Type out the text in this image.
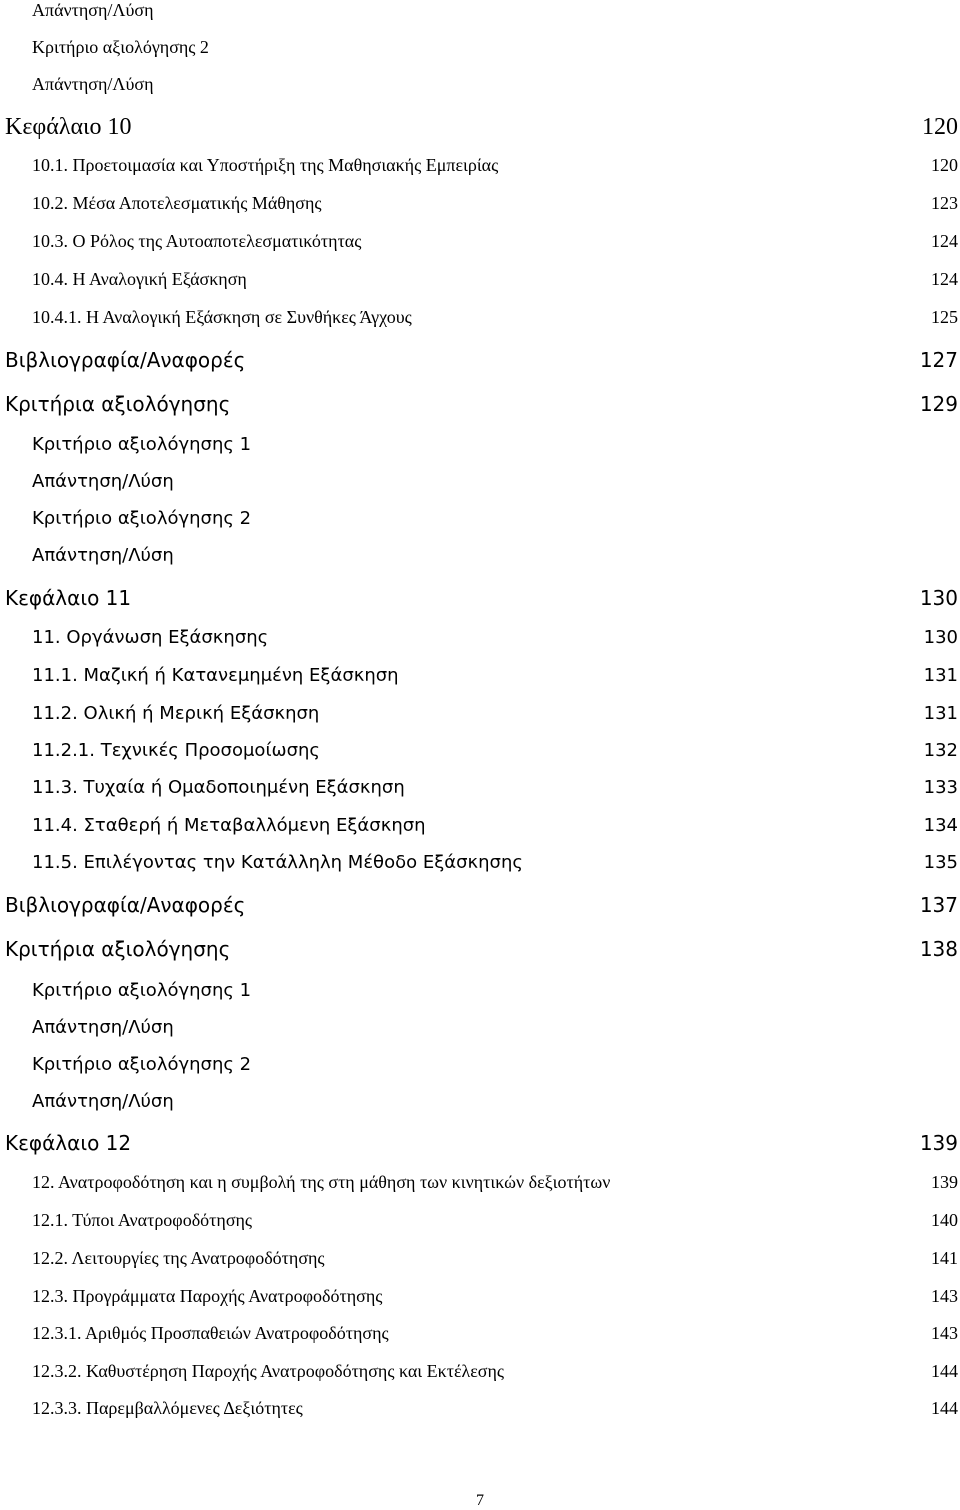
Απάντηση/Λύση
Κριτήριο αξιολόγησης 2
Απάντηση/Λύση
Κεφάλαιο 10	120
10.1. Προετοιμασία και Υποστήριξη της Μαθησιακής Εμπειρίας	120
10.2. Μέσα Αποτελεσματικής Μάθησης	123
10.3. Ο Ρόλος της Αυτοαποτελεσματικότητας	124
10.4. Η Αναλογική Εξάσκηση	124
10.4.1. Η Αναλογική Εξάσκηση σε Συνθήκες Άγχους	125
Βιβλιογραφία/Αναφορές	127
Κριτήρια αξιολόγησης	129
Κριτήριο αξιολόγησης 1
Απάντηση/Λύση
Κριτήριο αξιολόγησης 2
Απάντηση/Λύση
Κεφάλαιο 11	130
11. Οργάνωση Εξάσκησης	130
11.1. Μαζική ή Κατανεμημένη Εξάσκηση	131
11.2. Ολική ή Μερική Εξάσκηση	131
11.2.1. Τεχνικές Προσομοίωσης	132
11.3. Τυχαία ή Ομαδοποιημένη Εξάσκηση	133
11.4. Σταθερή ή Μεταβαλλόμενη Εξάσκηση	134
11.5. Επιλέγοντας την Κατάλληλη Μέθοδο Εξάσκησης	135
Βιβλιογραφία/Αναφορές	137
Κριτήρια αξιολόγησης	138
Κριτήριο αξιολόγησης 1
Απάντηση/Λύση
Κριτήριο αξιολόγησης 2
Απάντηση/Λύση
Κεφάλαιο 12	139
12. Ανατροφοδότηση και η συμβολή της στη μάθηση των κινητικών δεξιοτήτων	139
12.1. Τύποι Ανατροφοδότησης	140
12.2. Λειτουργίες της Ανατροφοδότησης	141
12.3. Προγράμματα Παροχής Ανατροφοδότησης	143
12.3.1. Αριθμός Προσπαθειών Ανατροφοδότησης	143
12.3.2. Καθυστέρηση Παροχής Ανατροφοδότησης και Εκτέλεσης	144
12.3.3. Παρεμβαλλόμενες Δεξιότητες	144
7
